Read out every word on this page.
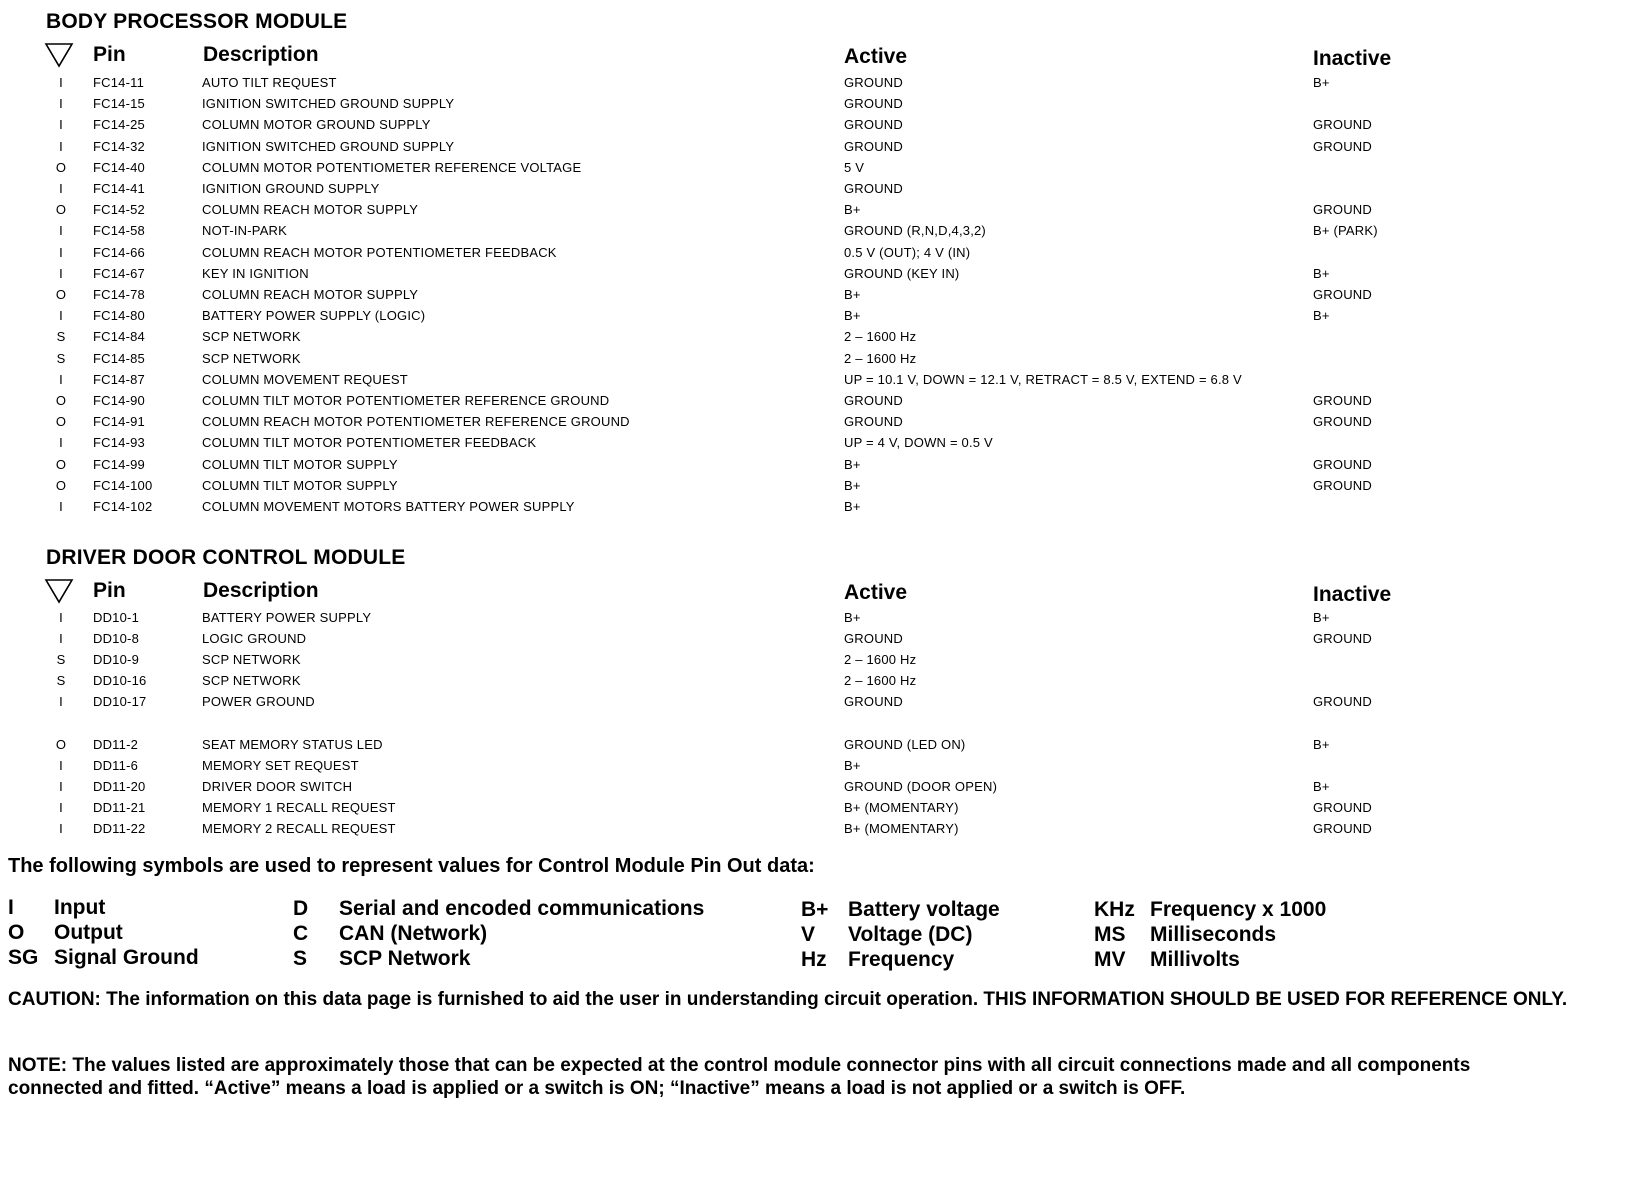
BODY PROCESSOR MODULE
Pin	Description	Active	Inactive
I	FC14-11	AUTO TILT REQUEST	GROUND	B+
I	FC14-15	IGNITION SWITCHED GROUND SUPPLY	GROUND
I	FC14-25	COLUMN MOTOR GROUND SUPPLY	GROUND	GROUND
I	FC14-32	IGNITION SWITCHED GROUND SUPPLY	GROUND	GROUND
O FC14-40	COLUMN MOTOR POTENTIOMETER REFERENCE VOLTAGE	5 V
I	FC14-41	IGNITION GROUND SUPPLY	GROUND
O FC14-52	COLUMN REACH MOTOR SUPPLY	B+	GROUND
I	FC14-58	NOT-IN-PARK	GROUND (R,N,D,4,3,2)	B+ (PARK)
I	FC14-66	COLUMN REACH MOTOR POTENTIOMETER FEEDBACK	0.5 V (OUT); 4 V (IN)
I	FC14-67	KEY IN IGNITION	GROUND (KEY IN)	B+
O FC14-78	COLUMN REACH MOTOR SUPPLY	B+	GROUND
I	FC14-80	BATTERY POWER SUPPLY (LOGIC)	B+	B+
S FC14-84	SCP NETWORK	2 – 1600 Hz
S FC14-85	SCP NETWORK	2 – 1600 Hz
I	FC14-87	COLUMN MOVEMENT REQUEST	UP = 10.1 V, DOWN = 12.1 V, RETRACT = 8.5 V, EXTEND = 6.8 V
O FC14-90	COLUMN TILT MOTOR POTENTIOMETER REFERENCE GROUND	GROUND	GROUND
O FC14-91	COLUMN REACH MOTOR POTENTIOMETER REFERENCE GROUND	GROUND	GROUND
I	FC14-93	COLUMN TILT MOTOR POTENTIOMETER FEEDBACK	UP = 4 V, DOWN = 0.5 V
O FC14-99	COLUMN TILT MOTOR SUPPLY	B+	GROUND
O FC14-100	COLUMN TILT MOTOR SUPPLY	B+	GROUND
I	FC14-102	COLUMN MOVEMENT MOTORS BATTERY POWER SUPPLY	B+
DRIVER DOOR CONTROL MODULE
Pin	Description	Active	Inactive
I	DD10-1	BATTERY POWER SUPPLY	B+	B+
I	DD10-8	LOGIC GROUND	GROUND	GROUND
S DD10-9	SCP NETWORK	2 – 1600 Hz
S DD10-16	SCP NETWORK	2 – 1600 Hz
I	DD10-17	POWER GROUND	GROUND	GROUND
O DD11-2	SEAT MEMORY STATUS LED	GROUND (LED ON)	B+
I	DD11-6	MEMORY SET REQUEST	B+
I	DD11-20	DRIVER DOOR SWITCH	GROUND (DOOR OPEN)	B+
I	DD11-21	MEMORY 1 RECALL REQUEST	B+ (MOMENTARY)	GROUND
I	DD11-22	MEMORY 2 RECALL REQUEST	B+ (MOMENTARY)	GROUND
The following symbols are used to represent values for Control Module Pin Out data:
I Input
O Output
SG Signal Ground
D Serial and encoded communications
C CAN (Network)
S SCP Network
B+ Battery voltage
V Voltage (DC)
Hz Frequency
KHz Frequency x 1000
MS Milliseconds
MV Millivolts
CAUTION: The information on this data page is furnished to aid the user in understanding circuit operation. THIS INFORMATION SHOULD BE USED FOR REFERENCE ONLY.
NOTE: The values listed are approximately those that can be expected at the control module connector pins with all circuit connections made and all components connected and fitted. “Active” means a load is applied or a switch is ON; “Inactive” means a load is not applied or a switch is OFF.
